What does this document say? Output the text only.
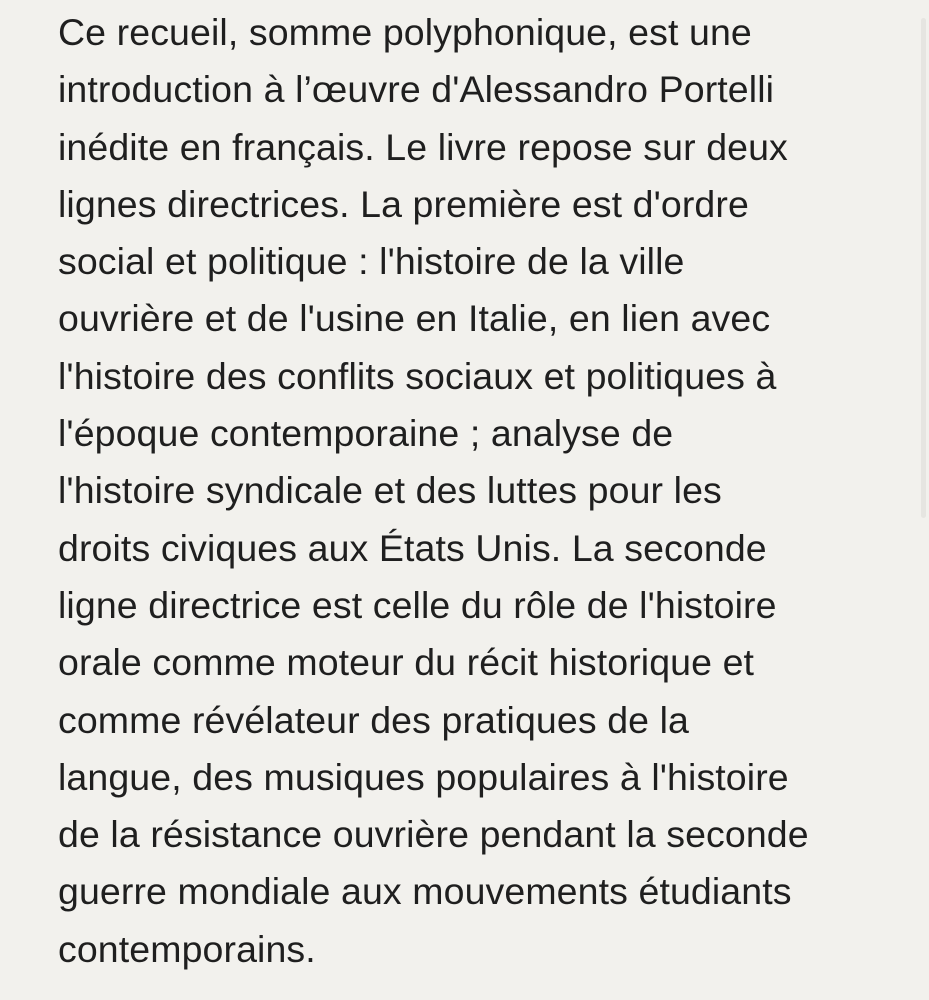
Ce recueil, somme polyphonique, est une
introduction à l’œuvre d'Alessandro Portelli
inédite en français. Le livre repose sur deux
lignes directrices. La première est d'ordre
social et politique : l'histoire de la ville
ouvrière et de l'usine en Italie, en lien avec
l'histoire des conflits sociaux et politiques à
l'époque contemporaine ; analyse de
l'histoire syndicale et des luttes pour les
droits civiques aux États Unis. La seconde
ligne directrice est celle du rôle de l'histoire
orale comme moteur du récit historique et
comme révélateur des pratiques de la
langue, des musiques populaires à l'histoire
de la résistance ouvrière pendant la seconde
guerre mondiale aux mouvements étudiants
contemporains.
